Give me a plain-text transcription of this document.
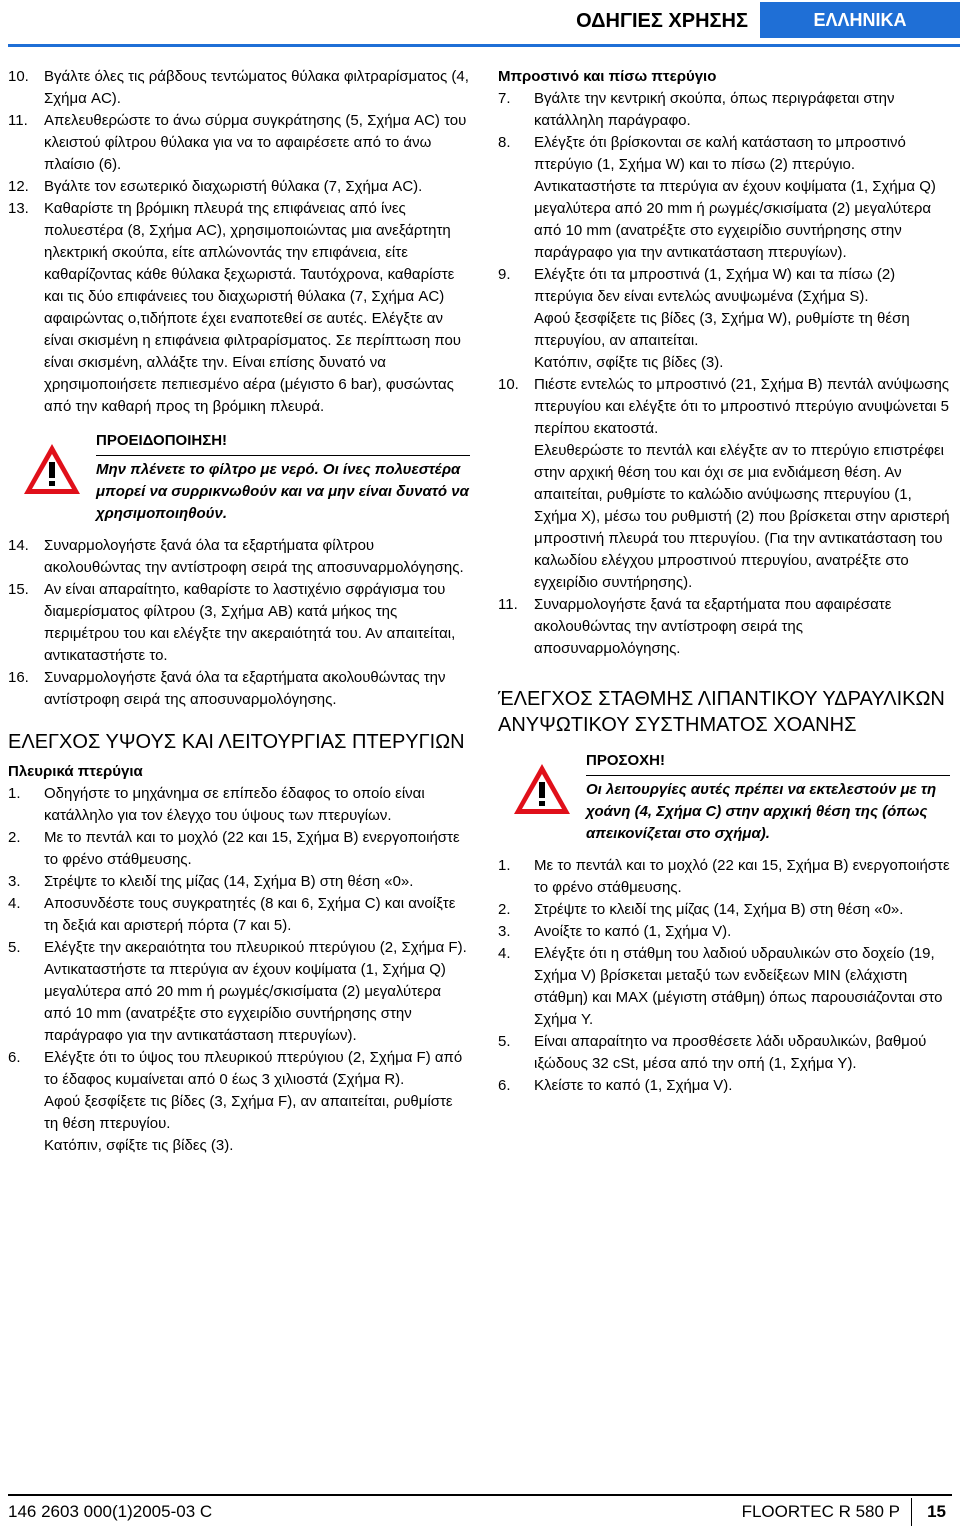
ΟΔΗΓΙΕΣ ΧΡΗΣΗΣ	ΕΛΛΗΝΙΚΑ
10. Βγάλτε όλες τις ράβδους τεντώματος θύλακα φιλτραρίσματος (4, Σχήμα AC).

11. Απελευθερώστε το άνω σύρμα συγκράτησης (5, Σχήμα AC) του κλειστού φίλτρου θύλακα για να το αφαιρέσετε από το άνω πλαίσιο (6).

12. Βγάλτε τον εσωτερικό διαχωριστή θύλακα (7, Σχήμα AC).

13. Καθαρίστε τη βρόμικη πλευρά της επιφάνειας από ίνες πολυεστέρα (8, Σχήμα AC), χρησιμοποιώντας μια ανεξάρτητη ηλεκτρική σκούπα, είτε απλώνοντάς την επιφάνεια, είτε καθαρίζοντας κάθε θύλακα ξεχωριστά. Ταυτόχρονα, καθαρίστε και τις δύο επιφάνειες του διαχωριστή θύλακα (7, Σχήμα AC) αφαιρώντας ο,τιδήποτε έχει εναποτεθεί σε αυτές. Ελέγξτε αν είναι σκισμένη η επιφάνεια φιλτραρίσματος. Σε περίπτωση που είναι σκισμένη, αλλάξτε την. Είναι επίσης δυνατό να χρησιμοποιήσετε πεπιεσμένο αέρα (μέγιστο 6 bar), φυσώντας από την καθαρή προς τη βρόμικη πλευρά.

ΠΡΟΕΙΔΟΠΟΙΗΣΗ!
Μην πλένετε το φίλτρο με νερό. Οι ίνες πολυεστέρα μπορεί να συρρικνωθούν και να μην είναι δυνατό να χρησιμοποιηθούν.
14. Συναρμολογήστε ξανά όλα τα εξαρτήματα φίλτρου ακολουθώντας την αντίστροφη σειρά της αποσυναρμολόγησης.

15. Αν είναι απαραίτητο, καθαρίστε το λαστιχένιο σφράγισμα του διαμερίσματος φίλτρου (3, Σχήμα AB) κατά μήκος της περιμέτρου του και ελέγξτε την ακεραιότητά του. Αν απαιτείται, αντικαταστήστε το.

16. Συναρμολογήστε ξανά όλα τα εξαρτήματα ακολουθώντας την αντίστροφη σειρά της αποσυναρμολόγησης.

ΕΛΕΓΧΟΣ ΥΨΟΥΣ ΚΑΙ ΛΕΙΤΟΥΡΓΙΑΣ ΠΤΕΡΥΓΙΩΝ
Πλευρικά πτερύγια
1. Οδηγήστε το μηχάνημα σε επίπεδο έδαφος το οποίο είναι κατάλληλο για τον έλεγχο του ύψους των πτερυγίων.

2. Με το πεντάλ και το μοχλό (22 και 15, Σχήμα B) ενεργοποιήστε το φρένο στάθμευσης.

3. Στρέψτε το κλειδί της μίζας (14, Σχήμα B) στη θέση «0».

4. Αποσυνδέστε τους συγκρατητές (8 και 6, Σχήμα C) και ανοίξτε τη δεξιά και αριστερή πόρτα (7 και 5).

5. Ελέγξτε την ακεραιότητα του πλευρικού πτερύγιου (2, Σχήμα F).

Αντικαταστήστε τα πτερύγια αν έχουν κοψίματα (1, Σχήμα Q) μεγαλύτερα από 20 mm ή ρωγμές/σκισίματα (2) μεγαλύτερα από 10 mm (ανατρέξτε στο εγχειρίδιο συντήρησης στην παράγραφο για την αντικατάσταση πτερυγίων).

6. Ελέγξτε ότι το ύψος του πλευρικού πτερύγιου (2, Σχήμα F) από το έδαφος κυμαίνεται από 0 έως 3 χιλιοστά (Σχήμα R).

Αφού ξεσφίξετε τις βίδες (3, Σχήμα F), αν απαιτείται, ρυθμίστε τη θέση πτερυγίου.

Κατόπιν, σφίξτε τις βίδες (3).

Μπροστινό και πίσω πτερύγιο
7. Βγάλτε την κεντρική σκούπα, όπως περιγράφεται στην κατάλληλη παράγραφο.

8. Ελέγξτε ότι βρίσκονται σε καλή κατάσταση το μπροστινό πτερύγιο (1, Σχήμα W) και το πίσω (2) πτερύγιο.

Αντικαταστήστε τα πτερύγια αν έχουν κοψίματα (1, Σχήμα Q) μεγαλύτερα από 20 mm ή ρωγμές/σκισίματα (2) μεγαλύτερα από 10 mm (ανατρέξτε στο εγχειρίδιο συντήρησης στην παράγραφο για την αντικατάσταση πτερυγίων).

9. Ελέγξτε ότι τα μπροστινά (1, Σχήμα W) και τα πίσω (2) πτερύγια δεν είναι εντελώς ανυψωμένα (Σχήμα S).

Αφού ξεσφίξετε τις βίδες (3, Σχήμα W), ρυθμίστε τη θέση πτερυγίου, αν απαιτείται.

Κατόπιν, σφίξτε τις βίδες (3).

10. Πιέστε εντελώς το μπροστινό (21, Σχήμα B) πεντάλ ανύψωσης πτερυγίου και ελέγξτε ότι το μπροστινό πτερύγιο ανυψώνεται 5 περίπου εκατοστά.

Ελευθερώστε το πεντάλ και ελέγξτε αν το πτερύγιο επιστρέφει στην αρχική θέση του και όχι σε μια ενδιάμεση θέση. Αν απαιτείται, ρυθμίστε το καλώδιο ανύψωσης πτερυγίου (1, Σχήμα X), μέσω του ρυθμιστή (2) που βρίσκεται στην αριστερή μπροστινή πλευρά του πτερυγίου. (Για την αντικατάσταση του καλωδίου ελέγχου μπροστινού πτερυγίου, ανατρέξτε στο εγχειρίδιο συντήρησης).

11. Συναρμολογήστε ξανά τα εξαρτήματα που αφαιρέσατε ακολουθώντας την αντίστροφη σειρά της αποσυναρμολόγησης.

ΈΛΕΓΧΟΣ ΣΤΑΘΜΗΣ ΛΙΠΑΝΤΙΚΟΥ ΥΔΡΑΥΛΙΚΩΝ ΑΝΥΨΩΤΙΚΟΥ ΣΥΣΤΗΜΑΤΟΣ ΧΟΑΝΗΣ
ΠΡΟΣΟΧΗ!
Οι λειτουργίες αυτές πρέπει να εκτελεστούν με τη χοάνη (4, Σχήμα C) στην αρχική θέση της (όπως απεικονίζεται στο σχήμα).
1. Με το πεντάλ και το μοχλό (22 και 15, Σχήμα B) ενεργοποιήστε το φρένο στάθμευσης.

2. Στρέψτε το κλειδί της μίζας (14, Σχήμα B) στη θέση «0».

3. Ανοίξτε το καπό (1, Σχήμα V).

4. Ελέγξτε ότι η στάθμη του λαδιού υδραυλικών στο δοχείο (19, Σχήμα V) βρίσκεται μεταξύ των ενδείξεων MIN (ελάχιστη στάθμη) και MAX (μέγιστη στάθμη) όπως παρουσιάζονται στο Σχήμα Y.

5. Είναι απαραίτητο να προσθέσετε λάδι υδραυλικών, βαθμού ιξώδους 32 cSt, μέσα από την οπή (1, Σχήμα Y).

6. Κλείστε το καπό (1, Σχήμα V).

146 2603 000(1)2005-03 C	FLOORTEC R 580 P 15
